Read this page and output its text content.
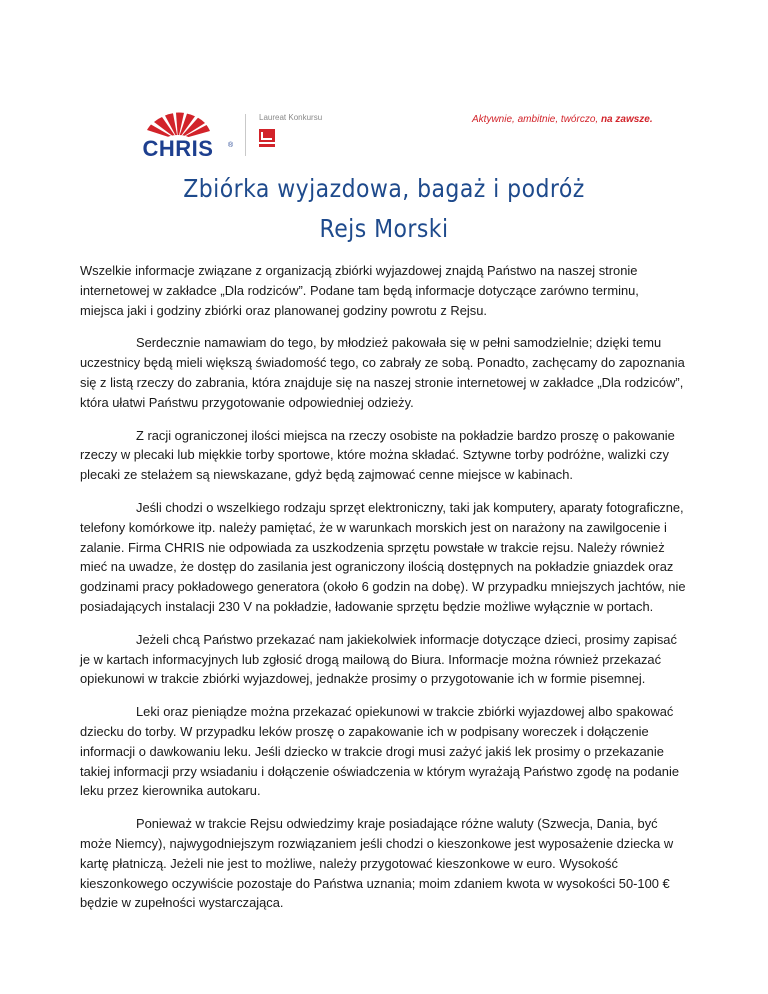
CHRIS	®
Laureat Konkursu	Aktywnie, ambitnie, twórczo, na zawsze.
Zbiórka wyjazdowa, bagaż i podróż
Rejs Morski

Wszelkie informacje związane z organizacją zbiórki wyjazdowej znajdą Państwo na naszej stronie internetowej w zakładce „Dla rodziców”. Podane tam będą informacje dotyczące zarówno terminu, miejsca jaki i godziny zbiórki oraz planowanej godziny powrotu z Rejsu.

Serdecznie namawiam do tego, by młodzież pakowała się w pełni samodzielnie; dzięki temu uczestnicy będą mieli większą świadomość tego, co zabrały ze sobą. Ponadto, zachęcamy do zapoznania się z listą rzeczy do zabrania, która znajduje się na naszej stronie internetowej w zakładce „Dla rodziców”, która ułatwi Państwu przygotowanie odpowiedniej odzieży.

Z racji ograniczonej ilości miejsca na rzeczy osobiste na pokładzie bardzo proszę o pakowanie rzeczy w plecaki lub miękkie torby sportowe, które można składać. Sztywne torby podróżne, walizki czy plecaki ze stelażem są niewskazane, gdyż będą zajmować cenne miejsce w kabinach.

Jeśli chodzi o wszelkiego rodzaju sprzęt elektroniczny, taki jak komputery, aparaty fotograficzne, telefony komórkowe itp. należy pamiętać, że w warunkach morskich jest on narażony na zawilgocenie i zalanie. Firma CHRIS nie odpowiada za uszkodzenia sprzętu powstałe w trakcie rejsu. Należy również mieć na uwadze, że dostęp do zasilania jest ograniczony ilością dostępnych na pokładzie gniazdek oraz godzinami pracy pokładowego generatora (około 6 godzin na dobę). W przypadku mniejszych jachtów, nie posiadających instalacji 230 V na pokładzie, ładowanie sprzętu będzie możliwe wyłącznie w portach.

Jeżeli chcą Państwo przekazać nam jakiekolwiek informacje dotyczące dzieci, prosimy zapisać je w kartach informacyjnych lub zgłosić drogą mailową do Biura. Informacje można również przekazać opiekunowi w trakcie zbiórki wyjazdowej, jednakże prosimy o przygotowanie ich w formie pisemnej.

Leki oraz pieniądze można przekazać opiekunowi w trakcie zbiórki wyjazdowej albo spakować dziecku do torby. W przypadku leków proszę o zapakowanie ich w podpisany woreczek i dołączenie informacji o dawkowaniu leku. Jeśli dziecko w trakcie drogi musi zażyć jakiś lek prosimy o przekazanie takiej informacji przy wsiadaniu i dołączenie oświadczenia w którym wyrażają Państwo zgodę na podanie leku przez kierownika autokaru.

Ponieważ w trakcie Rejsu odwiedzimy kraje posiadające różne waluty (Szwecja, Dania, być może Niemcy), najwygodniejszym rozwiązaniem jeśli chodzi o kieszonkowe jest wyposażenie dziecka w kartę płatniczą. Jeżeli nie jest to możliwe, należy przygotować kieszonkowe w euro. Wysokość kieszonkowego oczywiście pozostaje do Państwa uznania; moim zdaniem kwota w wysokości 50-100 € będzie w zupełności wystarczająca.
